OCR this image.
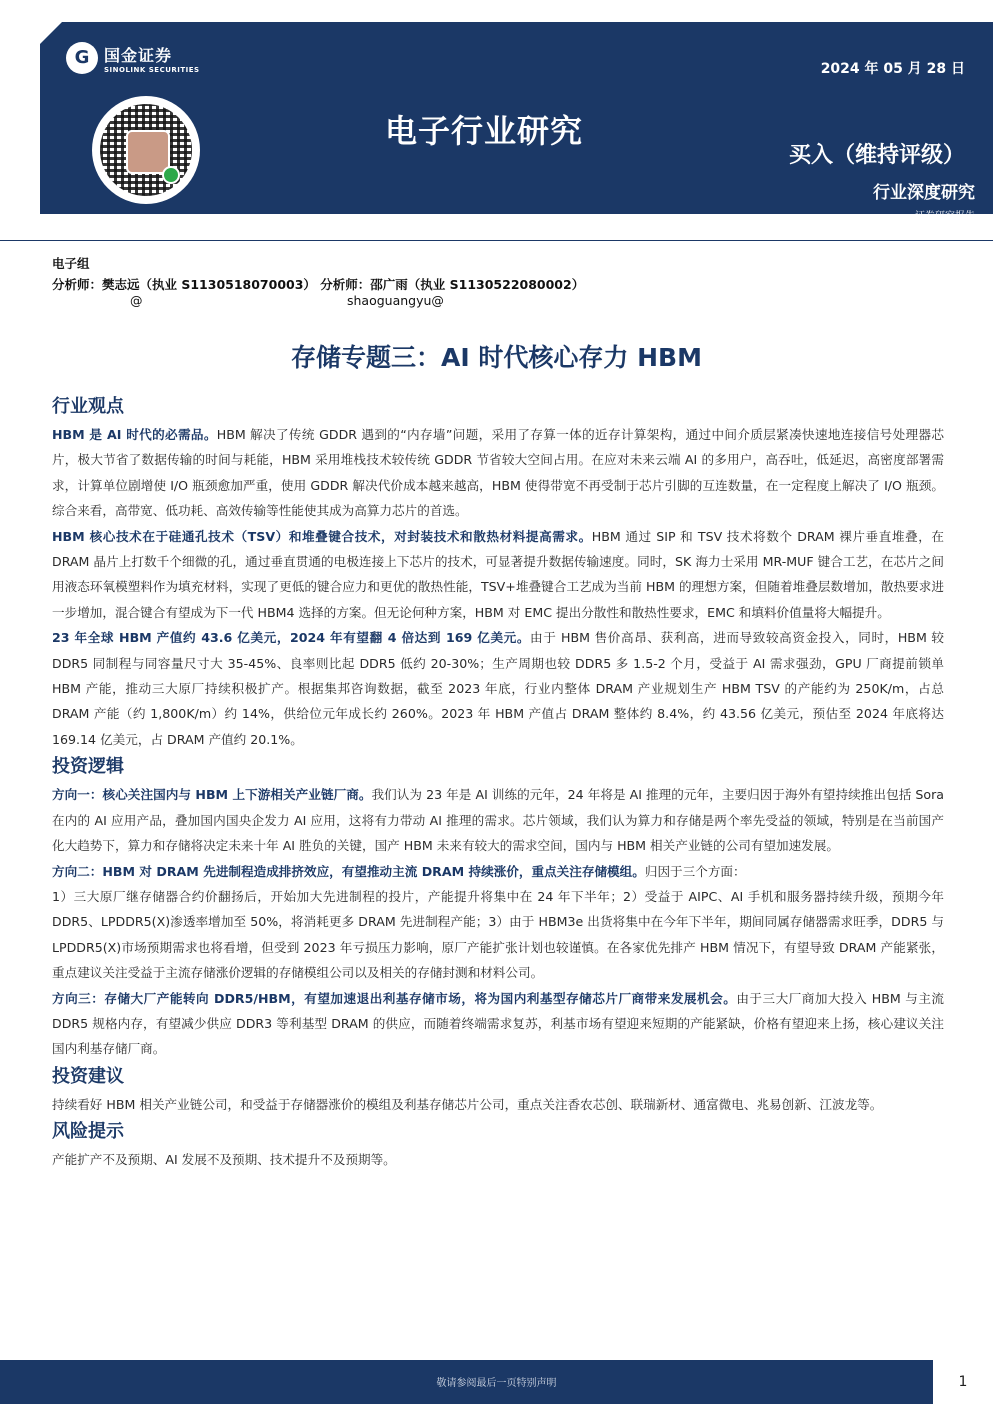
G 国金证券
SINOLINK SECURITIES
电子行业研究
2024 年 05 月 28 日
买入（维持评级）
行业深度研究
证券研究报告
电子组
分析师：樊志远（执业 S1130518070003） 分析师：邵广雨（执业 S1130522080002）
@	shaoguangyu@
存储专题三：AI 时代核心存力 HBM
行业观点

HBM 是 AI 时代的必需品。HBM 解决了传统 GDDR 遇到的“内存墙”问题，采用了存算一体的近存计算架构，通过中间介质层紧凑快速地连接信号处理器芯片，极大节省了数据传输的时间与耗能，HBM 采用堆栈技术较传统 GDDR 节省较大空间占用。在应对未来云端 AI 的多用户，高吞吐，低延迟，高密度部署需求，计算单位剧增使 I/O 瓶颈愈加严重，使用 GDDR 解决代价成本越来越高，HBM 使得带宽不再受制于芯片引脚的互连数量，在一定程度上解决了 I/O 瓶颈。综合来看，高带宽、低功耗、高效传输等性能使其成为高算力芯片的首选。

HBM 核心技术在于硅通孔技术（TSV）和堆叠键合技术，对封装技术和散热材料提高需求。HBM 通过 SIP 和 TSV 技术将数个 DRAM 裸片垂直堆叠，在 DRAM 晶片上打数千个细微的孔，通过垂直贯通的电极连接上下芯片的技术，可显著提升数据传输速度。同时，SK 海力士采用 MR-MUF 键合工艺，在芯片之间用液态环氧模塑料作为填充材料，实现了更低的键合应力和更优的散热性能，TSV+堆叠键合工艺成为当前 HBM 的理想方案，但随着堆叠层数增加，散热要求进一步增加，混合键合有望成为下一代 HBM4 选择的方案。但无论何种方案，HBM 对 EMC 提出分散性和散热性要求，EMC 和填料价值量将大幅提升。

23 年全球 HBM 产值约 43.6 亿美元，2024 年有望翻 4 倍达到 169 亿美元。由于 HBM 售价高昂、获利高，进而导致较高资金投入，同时，HBM 较 DDR5 同制程与同容量尺寸大 35-45%、良率则比起 DDR5 低约 20-30%；生产周期也较 DDR5 多 1.5-2 个月，受益于 AI 需求强劲，GPU 厂商提前锁单 HBM 产能，推动三大原厂持续积极扩产。根据集邦咨询数据，截至 2023 年底，行业内整体 DRAM 产业规划生产 HBM TSV 的产能约为 250K/m，占总 DRAM 产能（约 1,800K/m）约 14%，供给位元年成长约 260%。2023 年 HBM 产值占 DRAM 整体约 8.4%，约 43.56 亿美元，预估至 2024 年底将达 169.14 亿美元，占 DRAM 产值约 20.1%。

投资逻辑

方向一：核心关注国内与 HBM 上下游相关产业链厂商。我们认为 23 年是 AI 训练的元年，24 年将是 AI 推理的元年，主要归因于海外有望持续推出包括 Sora 在内的 AI 应用产品，叠加国内国央企发力 AI 应用，这将有力带动 AI 推理的需求。芯片领域，我们认为算力和存储是两个率先受益的领域，特别是在当前国产化大趋势下，算力和存储将决定未来十年 AI 胜负的关键，国产 HBM 未来有较大的需求空间，国内与 HBM 相关产业链的公司有望加速发展。

方向二：HBM 对 DRAM 先进制程造成排挤效应，有望推动主流 DRAM 持续涨价，重点关注存储模组。归因于三个方面：

1）三大原厂继存储器合约价翻扬后，开始加大先进制程的投片，产能提升将集中在 24 年下半年；2）受益于 AIPC、AI 手机和服务器持续升级，预期今年 DDR5、LPDDR5(X)渗透率增加至 50%，将消耗更多 DRAM 先进制程产能；3）由于 HBM3e 出货将集中在今年下半年，期间同属存储器需求旺季，DDR5 与 LPDDR5(X)市场预期需求也将看增，但受到 2023 年亏损压力影响，原厂产能扩张计划也较谨慎。在各家优先排产 HBM 情况下，有望导致 DRAM 产能紧张，重点建议关注受益于主流存储涨价逻辑的存储模组公司以及相关的存储封测和材料公司。

方向三：存储大厂产能转向 DDR5/HBM，有望加速退出利基存储市场，将为国内利基型存储芯片厂商带来发展机会。由于三大厂商加大投入 HBM 与主流 DDR5 规格内存，有望减少供应 DDR3 等利基型 DRAM 的供应，而随着终端需求复苏，利基市场有望迎来短期的产能紧缺，价格有望迎来上扬，核心建议关注国内利基存储厂商。

投资建议

持续看好 HBM 相关产业链公司，和受益于存储器涨价的模组及利基存储芯片公司，重点关注香农芯创、联瑞新材、通富微电、兆易创新、江波龙等。

风险提示

产能扩产不及预期、AI 发展不及预期、技术提升不及预期等。

敬请参阅最后一页特别声明	1
